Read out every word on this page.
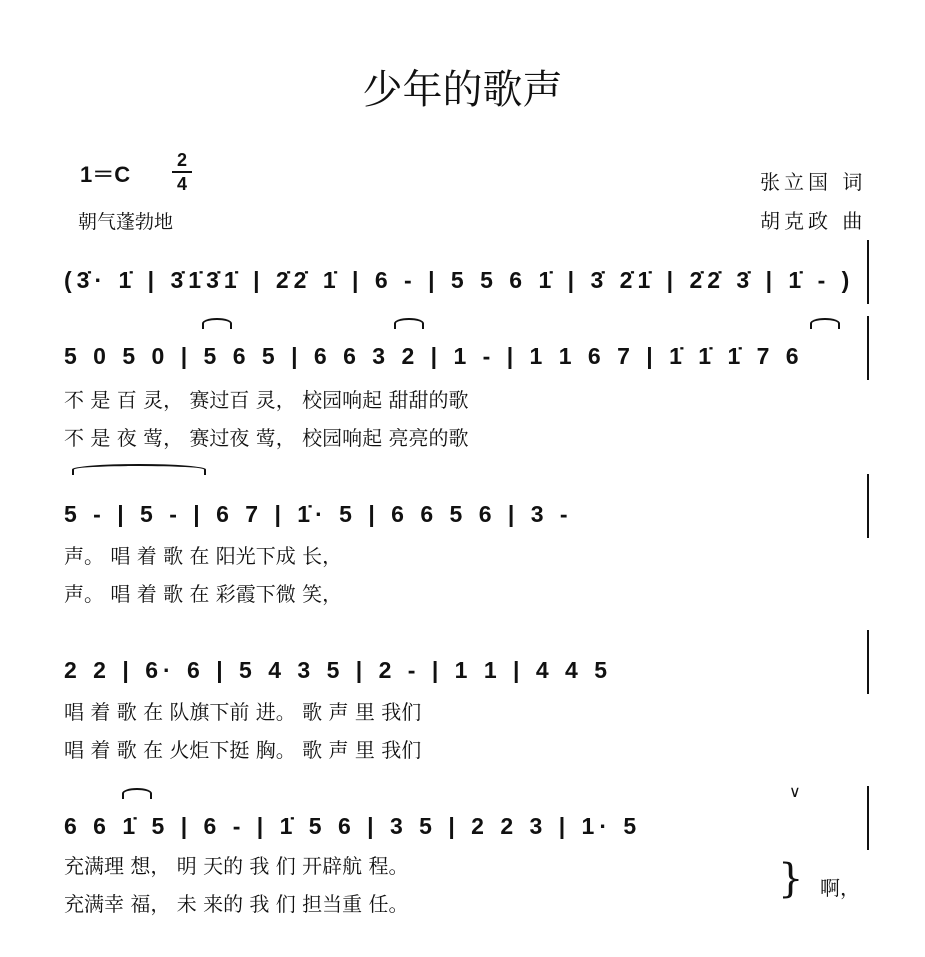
少年的歌声
1＝C
2
4
朝气蓬勃地
张立国 词
胡克政 曲
(3̇· 1̇ | 3̇1̇3̇1̇ | 2̇2̇ 1̇ | 6 - | 5 5 6 1̇ | 3̇ 2̇1̇ | 2̇2̇ 3̇ | 1̇ - )
5 0 5 0 | 5 6 5 | 6 6 3 2 | 1 - | 1 1 6 7 | 1̇ 1̇ 1̇ 7 6
不 是 百 灵， 赛过百 灵， 校园响起 甜甜的歌
不 是 夜 莺， 赛过夜 莺， 校园响起 亮亮的歌
5 - | 5 - | 6 7 | 1̇· 5 | 6 6 5 6 | 3 -
声。 唱 着 歌 在 阳光下成 长，
声。 唱 着 歌 在 彩霞下微 笑，
2 2 | 6· 6 | 5 4 3 5 | 2 - | 1 1 | 4 4 5
唱 着 歌 在 队旗下前 进。 歌 声 里 我们
唱 着 歌 在 火炬下挺 胸。 歌 声 里 我们
6 6 1̇ 5 | 6 - | 1̇ 5 6 | 3 5 | 2 2 3 | 1· 5
∨
充满理 想， 明 天的 我 们 开辟航 程。
充满幸 福， 未 来的 我 们 担当重 任。
} 啊，
